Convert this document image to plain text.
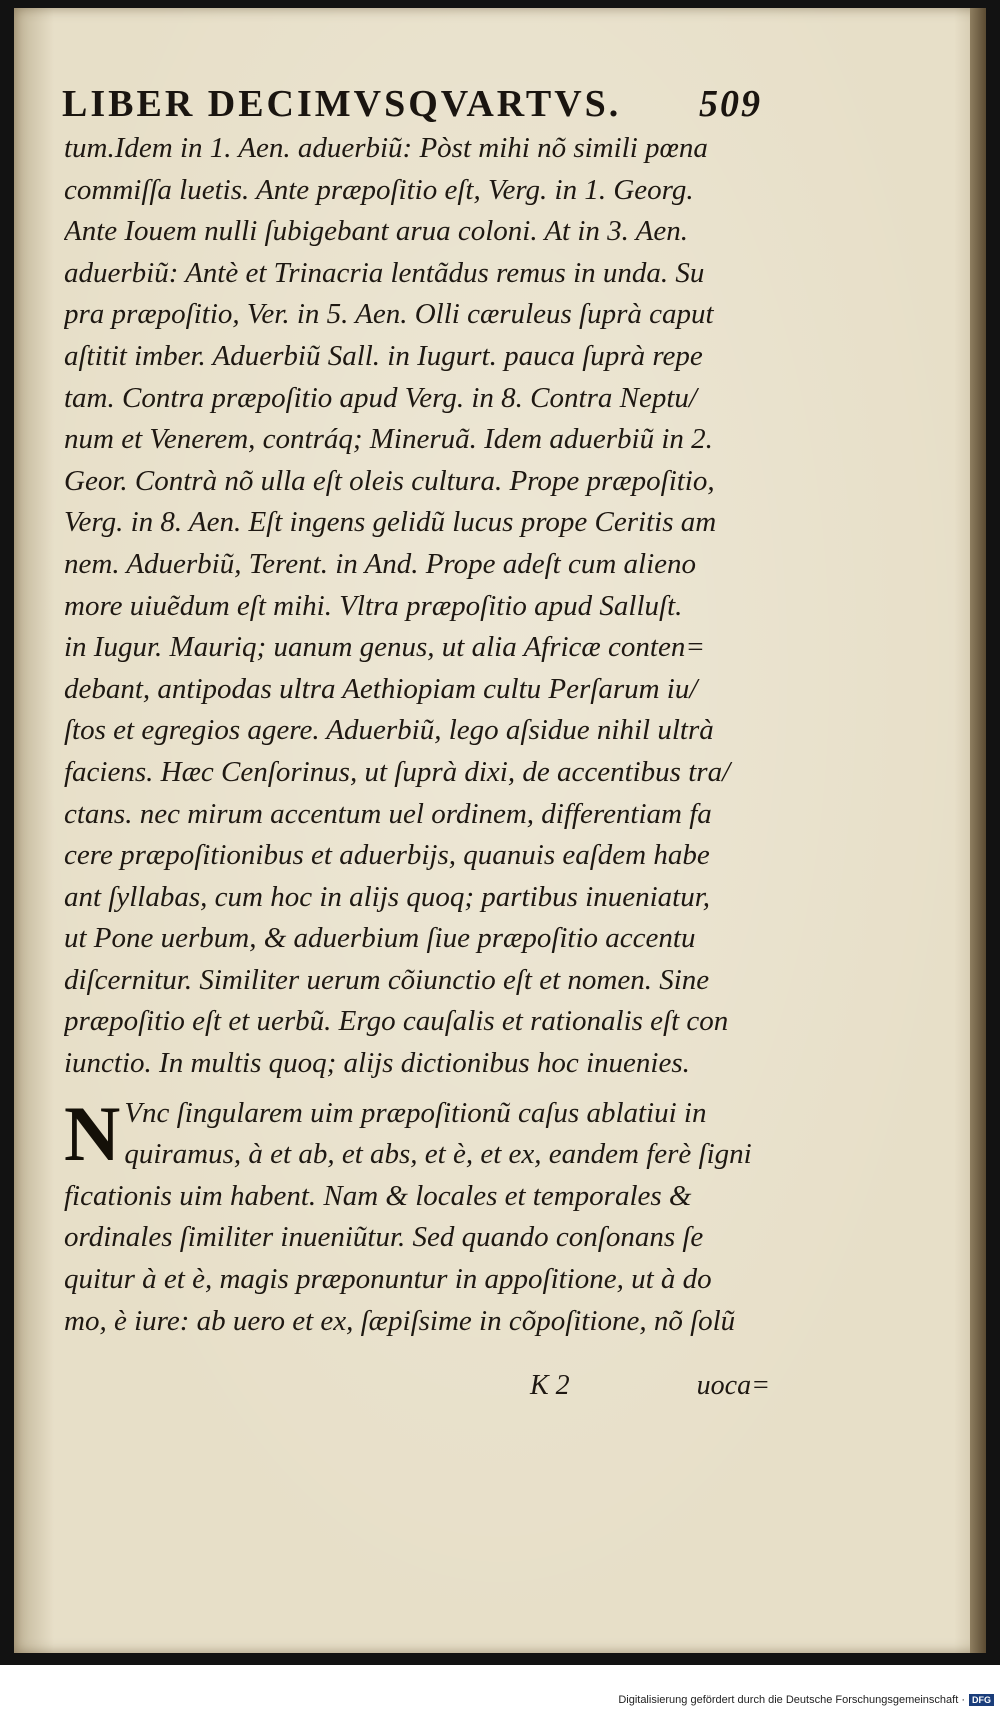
LIBER DECIMVSQVARTVS. 509
tum.Idem in 1. Aen. aduerbiũ: Pòst mihi nõ simili pœna
commiſſa luetis. Ante præpoſitio eſt, Verg. in 1. Georg.
Ante Iouem nulli ſubigebant arua coloni. At in 3. Aen.
aduerbiũ: Antè et Trinacria lentãdus remus in unda. Su
pra præpoſitio, Ver. in 5. Aen. Olli cæruleus ſuprà caput
aſtitit imber. Aduerbiũ Sall. in Iugurt. pauca ſuprà repe
tam. Contra præpoſitio apud Verg. in 8. Contra Neptu/
num et Venerem, contráq; Mineruã. Idem aduerbiũ in 2.
Geor. Contrà nõ ulla eſt oleis cultura. Prope præpoſitio,
Verg. in 8. Aen. Eſt ingens gelidũ lucus prope Ceritis am
nem. Aduerbiũ, Terent. in And. Prope adeſt cum alieno
more uiuẽdum eſt mihi. Vltra præpoſitio apud Salluſt.
in Iugur. Mauriq; uanum genus, ut alia Africæ conten=
debant, antipodas ultra Aethiopiam cultu Perſarum iu/
ſtos et egregios agere. Aduerbiũ, lego aſsidue nihil ultrà
faciens. Hæc Cenſorinus, ut ſuprà dixi, de accentibus tra/
ctans. nec mirum accentum uel ordinem, differentiam fa
cere præpoſitionibus et aduerbijs, quanuis eaſdem habe
ant ſyllabas, cum hoc in alijs quoq; partibus inueniatur,
ut Pone uerbum, & aduerbium ſiue præpoſitio accentu
diſcernitur. Similiter uerum cõiunctio eſt et nomen. Sine
præpoſitio eſt et uerbũ. Ergo cauſalis et rationalis eſt con
iunctio. In multis quoq; alijs dictionibus hoc inuenies.
N Vnc ſingularem uim præpoſitionũ caſus ablatiui in
quiramus, à et ab, et abs, et è, et ex, eandem ferè ſigni
ficationis uim habent. Nam & locales et temporales &
ordinales ſimiliter inueniũtur. Sed quando conſonans ſe
quitur à et è, magis præponuntur in appoſitione, ut à do
mo, è iure: ab uero et ex, ſæpiſsime in cõpoſitione, nõ ſolũ
K 2	uoca=
Digitalisierung gefördert durch die Deutsche Forschungsgemeinschaft · DFG
